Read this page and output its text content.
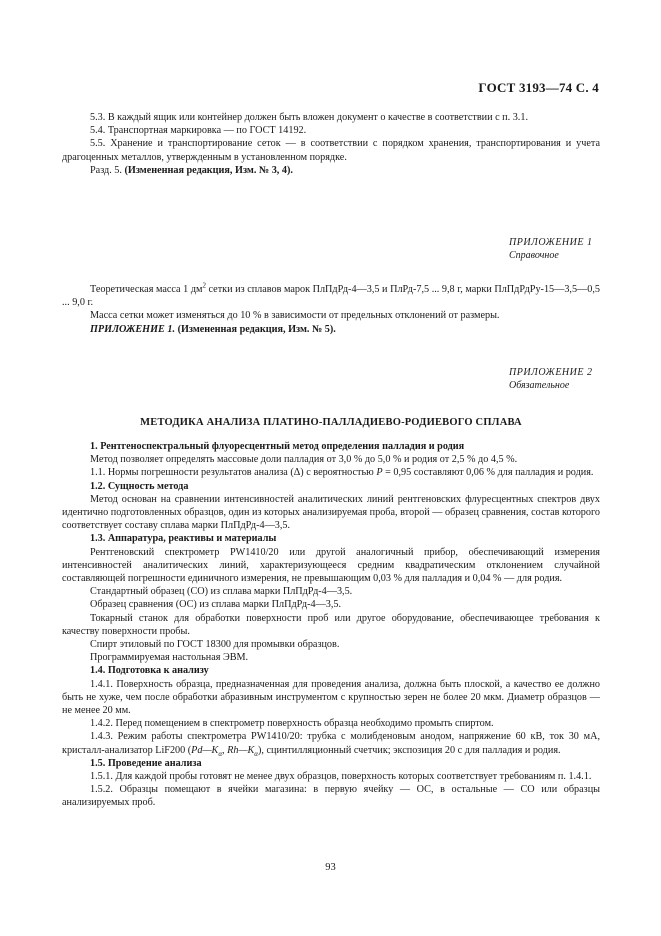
ГОСТ 3193—74 С. 4

5.3. В каждый ящик или контейнер должен быть вложен документ о качестве в соответствии с п. 3.1.

5.4. Транспортная маркировка — по ГОСТ 14192.

5.5. Хранение и транспортирование сеток — в соответствии с порядком хранения, транспортирования и учета драгоценных металлов, утвержденным в установленном порядке.

Разд. 5. (Измененная редакция, Изм. № 3, 4).

ПРИЛОЖЕНИЕ 1
Справочное

Теоретическая масса 1 $дм^2$ сетки из сплавов марок ПлПдРд-4—3,5 и ПлРд-7,5 ... 9,8 г, марки ПлПдРдРу-15—3,5—0,5 ... 9,0 г.

Масса сетки может изменяться до 10 % в зависимости от предельных отклонений от размеры.

ПРИЛОЖЕНИЕ 1. (Измененная редакция, Изм. № 5).

ПРИЛОЖЕНИЕ 2
Обязательное
МЕТОДИКА АНАЛИЗА ПЛАТИНО-ПАЛЛАДИЕВО-РОДИЕВОГО СПЛАВА

1. Рентгеноспектральный флуоресцентный метод определения палладия и родия

Метод позволяет определять массовые доли палладия от 3,0 % до 5,0 % и родия от 2,5 % до 4,5 %.

1.1. Нормы погрешности результатов анализа (Δ) с вероятностью P = 0,95 составляют 0,06 % для палладия и родия.

1.2. Сущность метода

Метод основан на сравнении интенсивностей аналитических линий рентгеновских флуресцентных спектров двух идентично подготовленных образцов, один из которых анализируемая проба, второй — образец сравнения, состав которого соответствует составу сплава марки ПлПдРд-4—3,5.

1.3. Аппаратура, реактивы и материалы

Рентгеновский спектрометр PW1410/20 или другой аналогичный прибор, обеспечивающий измерения интенсивностей аналитических линий, характеризующееся средним квадратическим отклонением случайной составляющей погрешности единичного измерения, не превышающим 0,03 % для палладия и 0,04 % — для родия.

Стандартный образец (СО) из сплава марки ПлПдРд-4—3,5.

Образец сравнения (ОС) из сплава марки ПлПдРд-4—3,5.

Токарный станок для обработки поверхности проб или другое оборудование, обеспечивающее требования к качеству поверхности пробы.

Спирт этиловый по ГОСТ 18300 для промывки образцов.

Программируемая настольная ЭВМ.

1.4. Подготовка к анализу

1.4.1. Поверхность образца, предназначенная для проведения анализа, должна быть плоской, а качество ее должно быть не хуже, чем после обработки абразивным инструментом с крупностью зерен не более 20 мкм. Диаметр образцов — не менее 20 мм.

1.4.2. Перед помещением в спектрометр поверхность образца необходимо промыть спиртом.

1.4.3. Режим работы спектрометра PW1410/20: трубка с молибденовым анодом, напряжение 60 кВ, ток 30 мА, кристалл-анализатор LiF200 ($Pd—K_\alpha$, $Rh—K_\alpha$), сцинтилляционный счетчик; экспозиция 20 с для палладия и родия.

1.5. Проведение анализа

1.5.1. Для каждой пробы готовят не менее двух образцов, поверхность которых соответствует требованиям п. 1.4.1.

1.5.2. Образцы помещают в ячейки магазина: в первую ячейку — ОС, в остальные — СО или образцы анализируемых проб.

93
